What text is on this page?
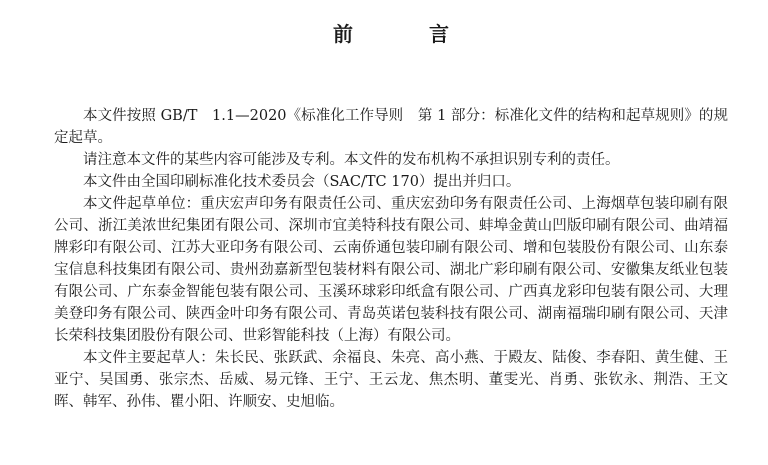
前　言

本文件按照 GB/T　1.1—2020《标准化工作导则　第 1 部分：标准化文件的结构和起草规则》的规定起草。

请注意本文件的某些内容可能涉及专利。本文件的发布机构不承担识别专利的责任。

本文件由全国印刷标准化技术委员会（SAC/TC 170）提出并归口。

本文件起草单位：重庆宏声印务有限责任公司、重庆宏劲印务有限责任公司、上海烟草包装印刷有限公司、浙江美浓世纪集团有限公司、深圳市宜美特科技有限公司、蚌埠金黄山凹版印刷有限公司、曲靖福牌彩印有限公司、江苏大亚印务有限公司、云南侨通包装印刷有限公司、增和包装股份有限公司、山东泰宝信息科技集团有限公司、贵州劲嘉新型包装材料有限公司、湖北广彩印刷有限公司、安徽集友纸业包装有限公司、广东泰金智能包装有限公司、玉溪环球彩印纸盒有限公司、广西真龙彩印包装有限公司、大理美登印务有限公司、陕西金叶印务有限公司、青岛英诺包装科技有限公司、湖南福瑞印刷有限公司、天津长荣科技集团股份有限公司、世彩智能科技（上海）有限公司。

本文件主要起草人：朱长民、张跃武、余福良、朱亮、高小燕、于殿友、陆俊、李春阳、黄生健、王亚宁、吴国勇、张宗杰、岳威、易元锋、王宁、王云龙、焦杰明、董雯光、肖勇、张钦永、荆浩、王文晖、韩军、孙伟、瞿小阳、许顺安、史旭临。
